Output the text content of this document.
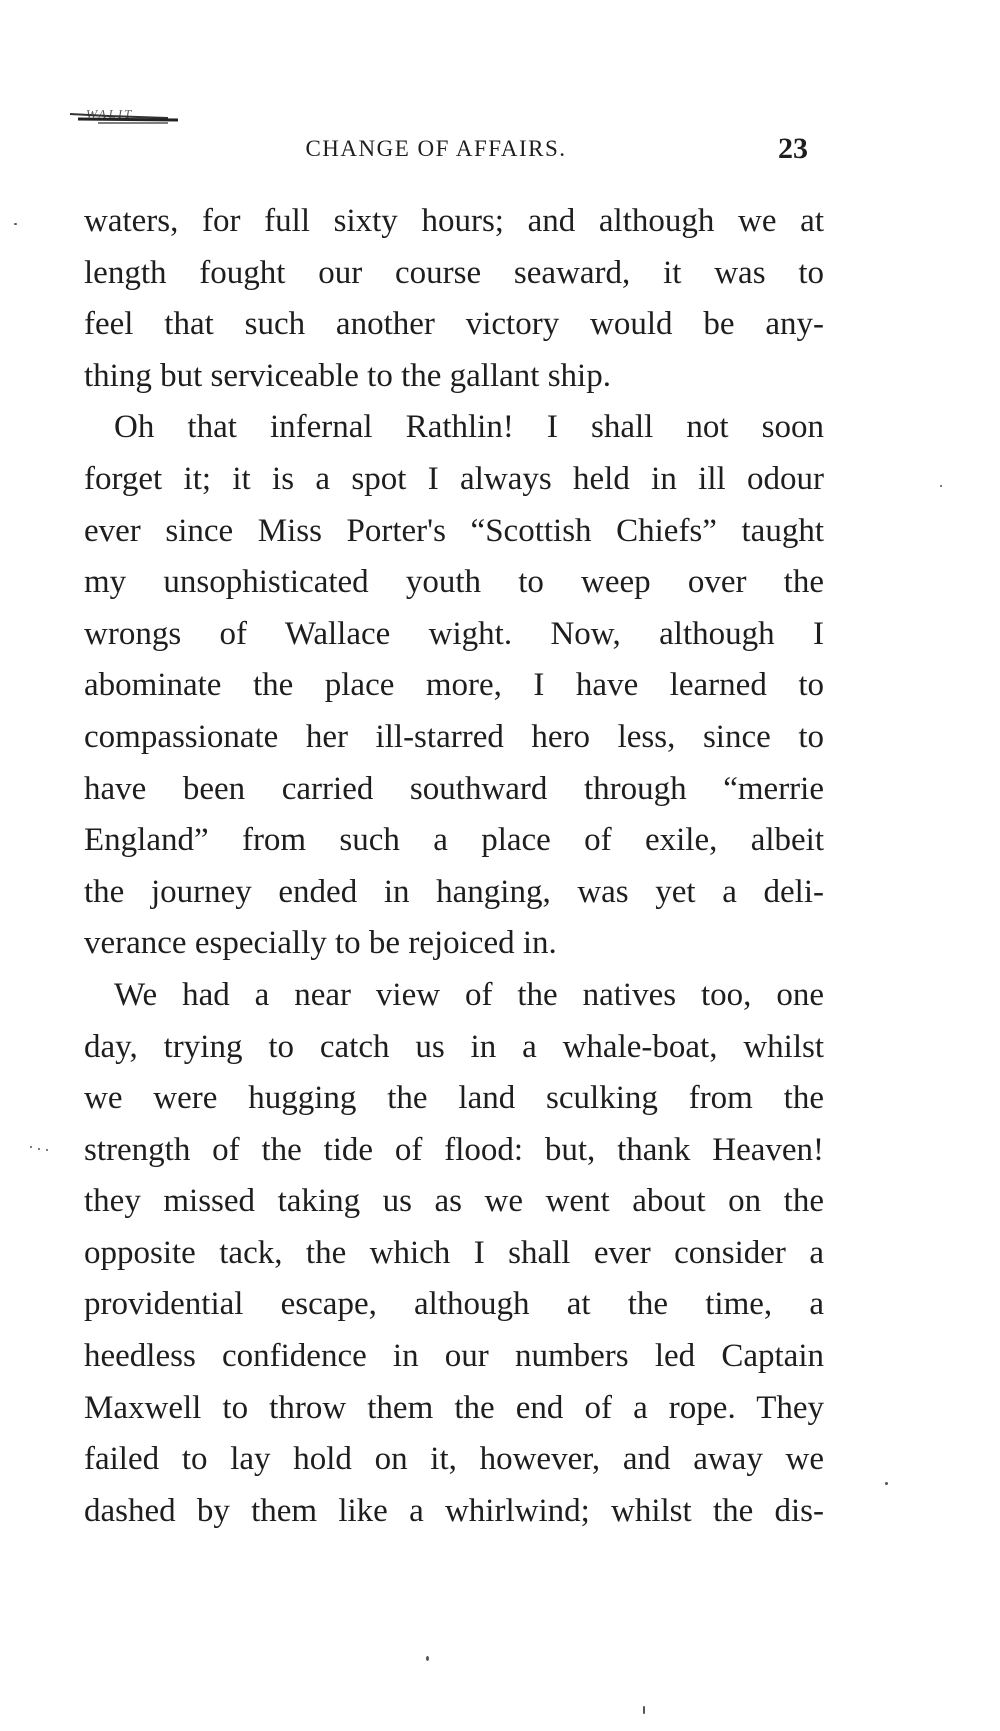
WALIT
CHANGE OF AFFAIRS.	23
waters, for full sixty hours; and although we at
length fought our course seaward, it was to
feel that such another victory would be any-
thing but serviceable to the gallant ship.
Oh that infernal Rathlin! I shall not soon
forget it; it is a spot I always held in ill odour
ever since Miss Porter's “Scottish Chiefs” taught
my unsophisticated youth to weep over the
wrongs of Wallace wight. Now, although I
abominate the place more, I have learned to
compassionate her ill-starred hero less, since to
have been carried southward through “merrie
England” from such a place of exile, albeit
the journey ended in hanging, was yet a deli-
verance especially to be rejoiced in.
We had a near view of the natives too, one
day, trying to catch us in a whale-boat, whilst
we were hugging the land sculking from the
strength of the tide of flood: but, thank Heaven!
they missed taking us as we went about on the
opposite tack, the which I shall ever consider a
providential escape, although at the time, a
heedless confidence in our numbers led Captain
Maxwell to throw them the end of a rope. They
failed to lay hold on it, however, and away we
dashed by them like a whirlwind; whilst the dis-
